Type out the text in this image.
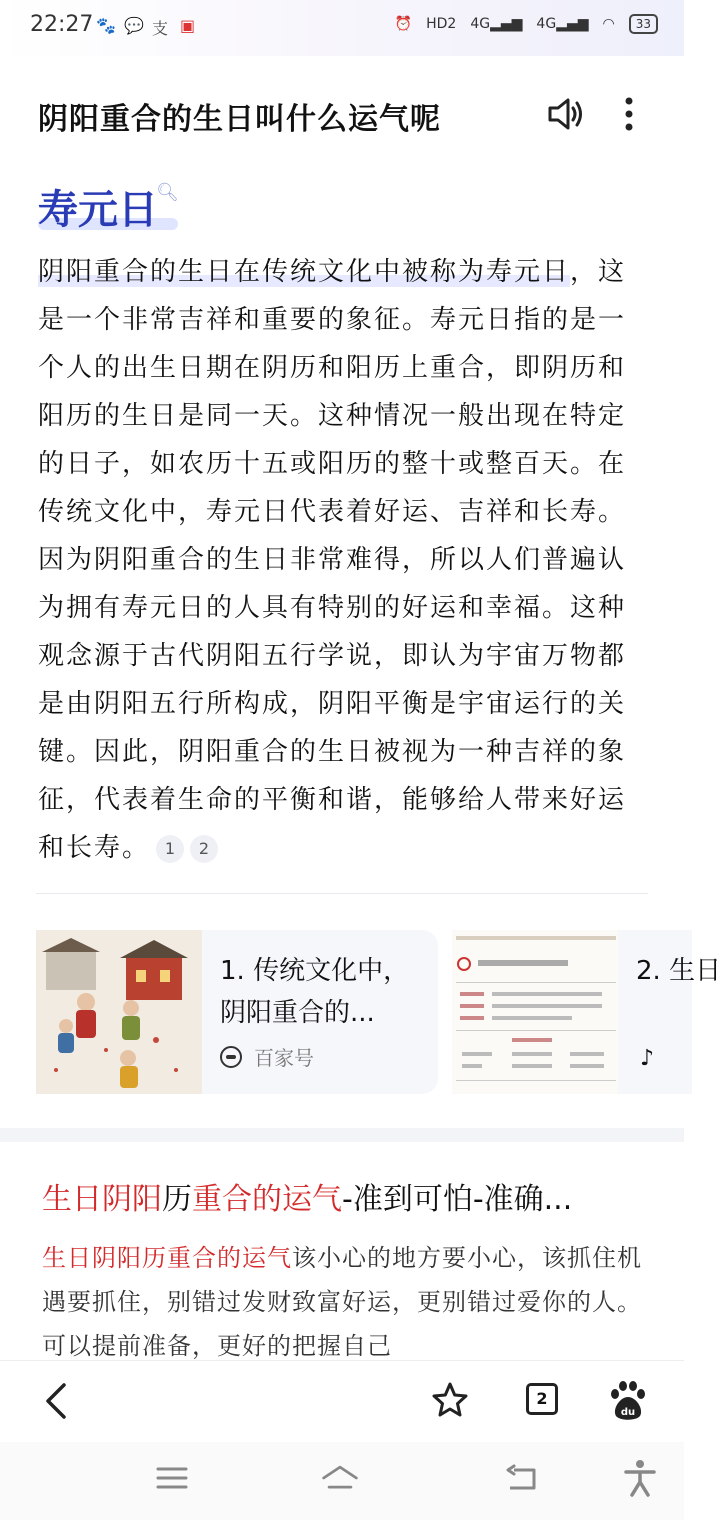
22:27 🐾 💬 支 ▣	⏰ HD2 4G▂▄▆ 4G▂▄▆ ◠	33
阴阳重合的生日叫什么运气呢
寿元日
🔍︎
阴阳重合的生日在传统文化中被称为寿元日，这是一个非常吉祥和重要的象征。寿元日指的是一个人的出生日期在阴历和阳历上重合，即阴历和阳历的生日是同一天。这种情况一般出现在特定的日子，如农历十五或阳历的整十或整百天。在传统文化中，寿元日代表着好运、吉祥和长寿。因为阴阳重合的生日非常难得，所以人们普遍认为拥有寿元日的人具有特别的好运和幸福。这种观念源于古代阴阳五行学说，即认为宇宙万物都是由阴阳五行所构成，阴阳平衡是宇宙运行的关键。因此，阴阳重合的生日被视为一种吉祥的象征，代表着生命的平衡和谐，能够给人带来好运和长寿。 1 2
1. 传统文化中，阴阳重合的...
百家号
2. 生日
♪
生日阴阳历重合的运气-准到可怕-准确...
生日阴阳历重合的运气该小心的地方要小心，该抓住机遇要抓住，别错过发财致富好运，更别错过爱你的人。可以提前准备，更好的把握自己
2
du
